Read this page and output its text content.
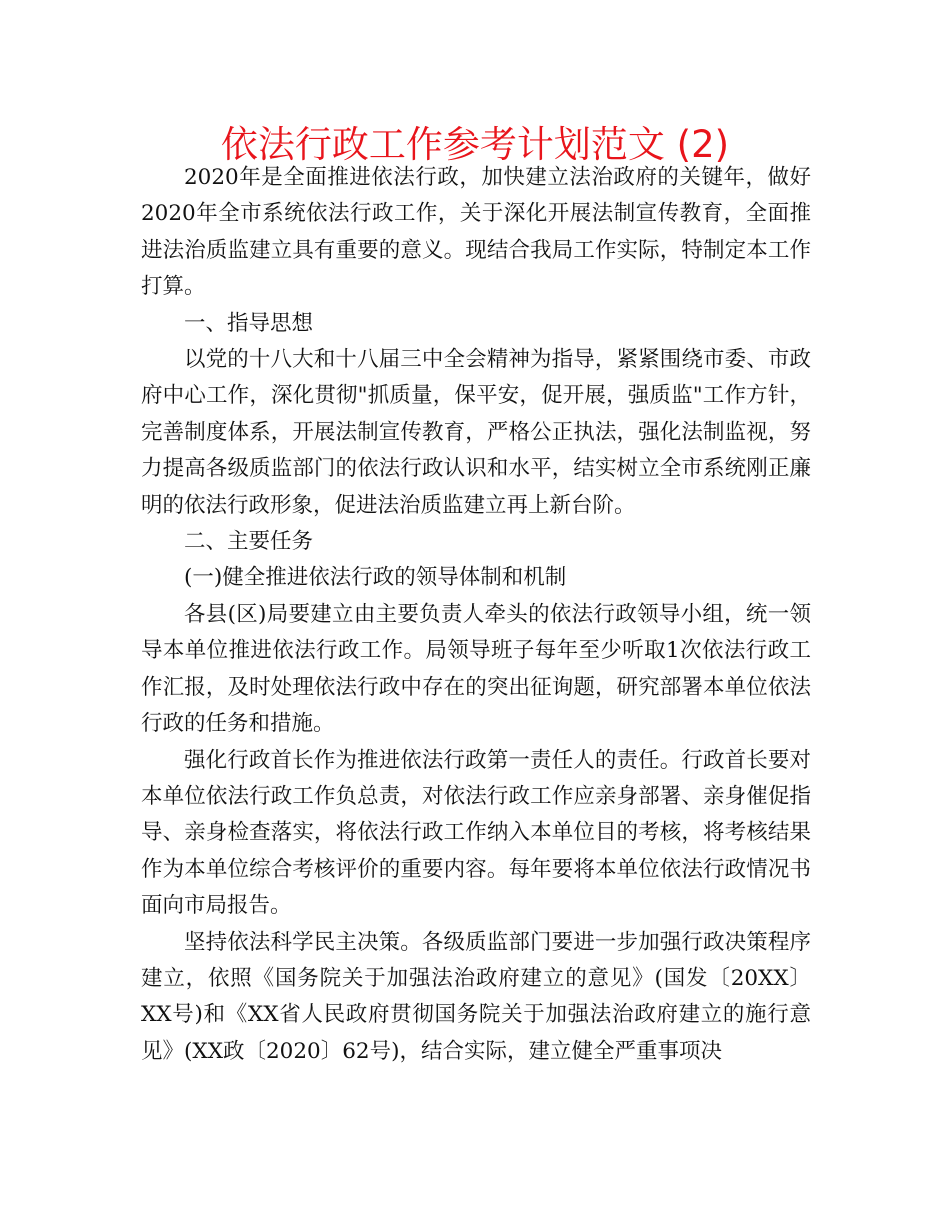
依法行政工作参考计划范文 (2)

2020年是全面推进依法行政，加快建立法治政府的关键年，做好2020年全市系统依法行政工作，关于深化开展法制宣传教育，全面推进法治质监建立具有重要的意义。现结合我局工作实际，特制定本工作打算。

一、指导思想

以党的十八大和十八届三中全会精神为指导，紧紧围绕市委、市政府中心工作，深化贯彻"抓质量，保平安，促开展，强质监"工作方针，完善制度体系，开展法制宣传教育，严格公正执法，强化法制监视，努力提高各级质监部门的依法行政认识和水平，结实树立全市系统刚正廉明的依法行政形象，促进法治质监建立再上新台阶。

二、主要任务

(一)健全推进依法行政的领导体制和机制

各县(区)局要建立由主要负责人牵头的依法行政领导小组，统一领导本单位推进依法行政工作。局领导班子每年至少听取1次依法行政工作汇报，及时处理依法行政中存在的突出征询题，研究部署本单位依法行政的任务和措施。

强化行政首长作为推进依法行政第一责任人的责任。行政首长要对本单位依法行政工作负总责，对依法行政工作应亲身部署、亲身催促指导、亲身检查落实，将依法行政工作纳入本单位目的考核，将考核结果作为本单位综合考核评价的重要内容。每年要将本单位依法行政情况书面向市局报告。

坚持依法科学民主决策。各级质监部门要进一步加强行政决策程序建立，依照《国务院关于加强法治政府建立的意见》(国发〔20XX〕XX号)和《XX省人民政府贯彻国务院关于加强法治政府建立的施行意见》(XX政〔2020〕62号)，结合实际，建立健全严重事项决
